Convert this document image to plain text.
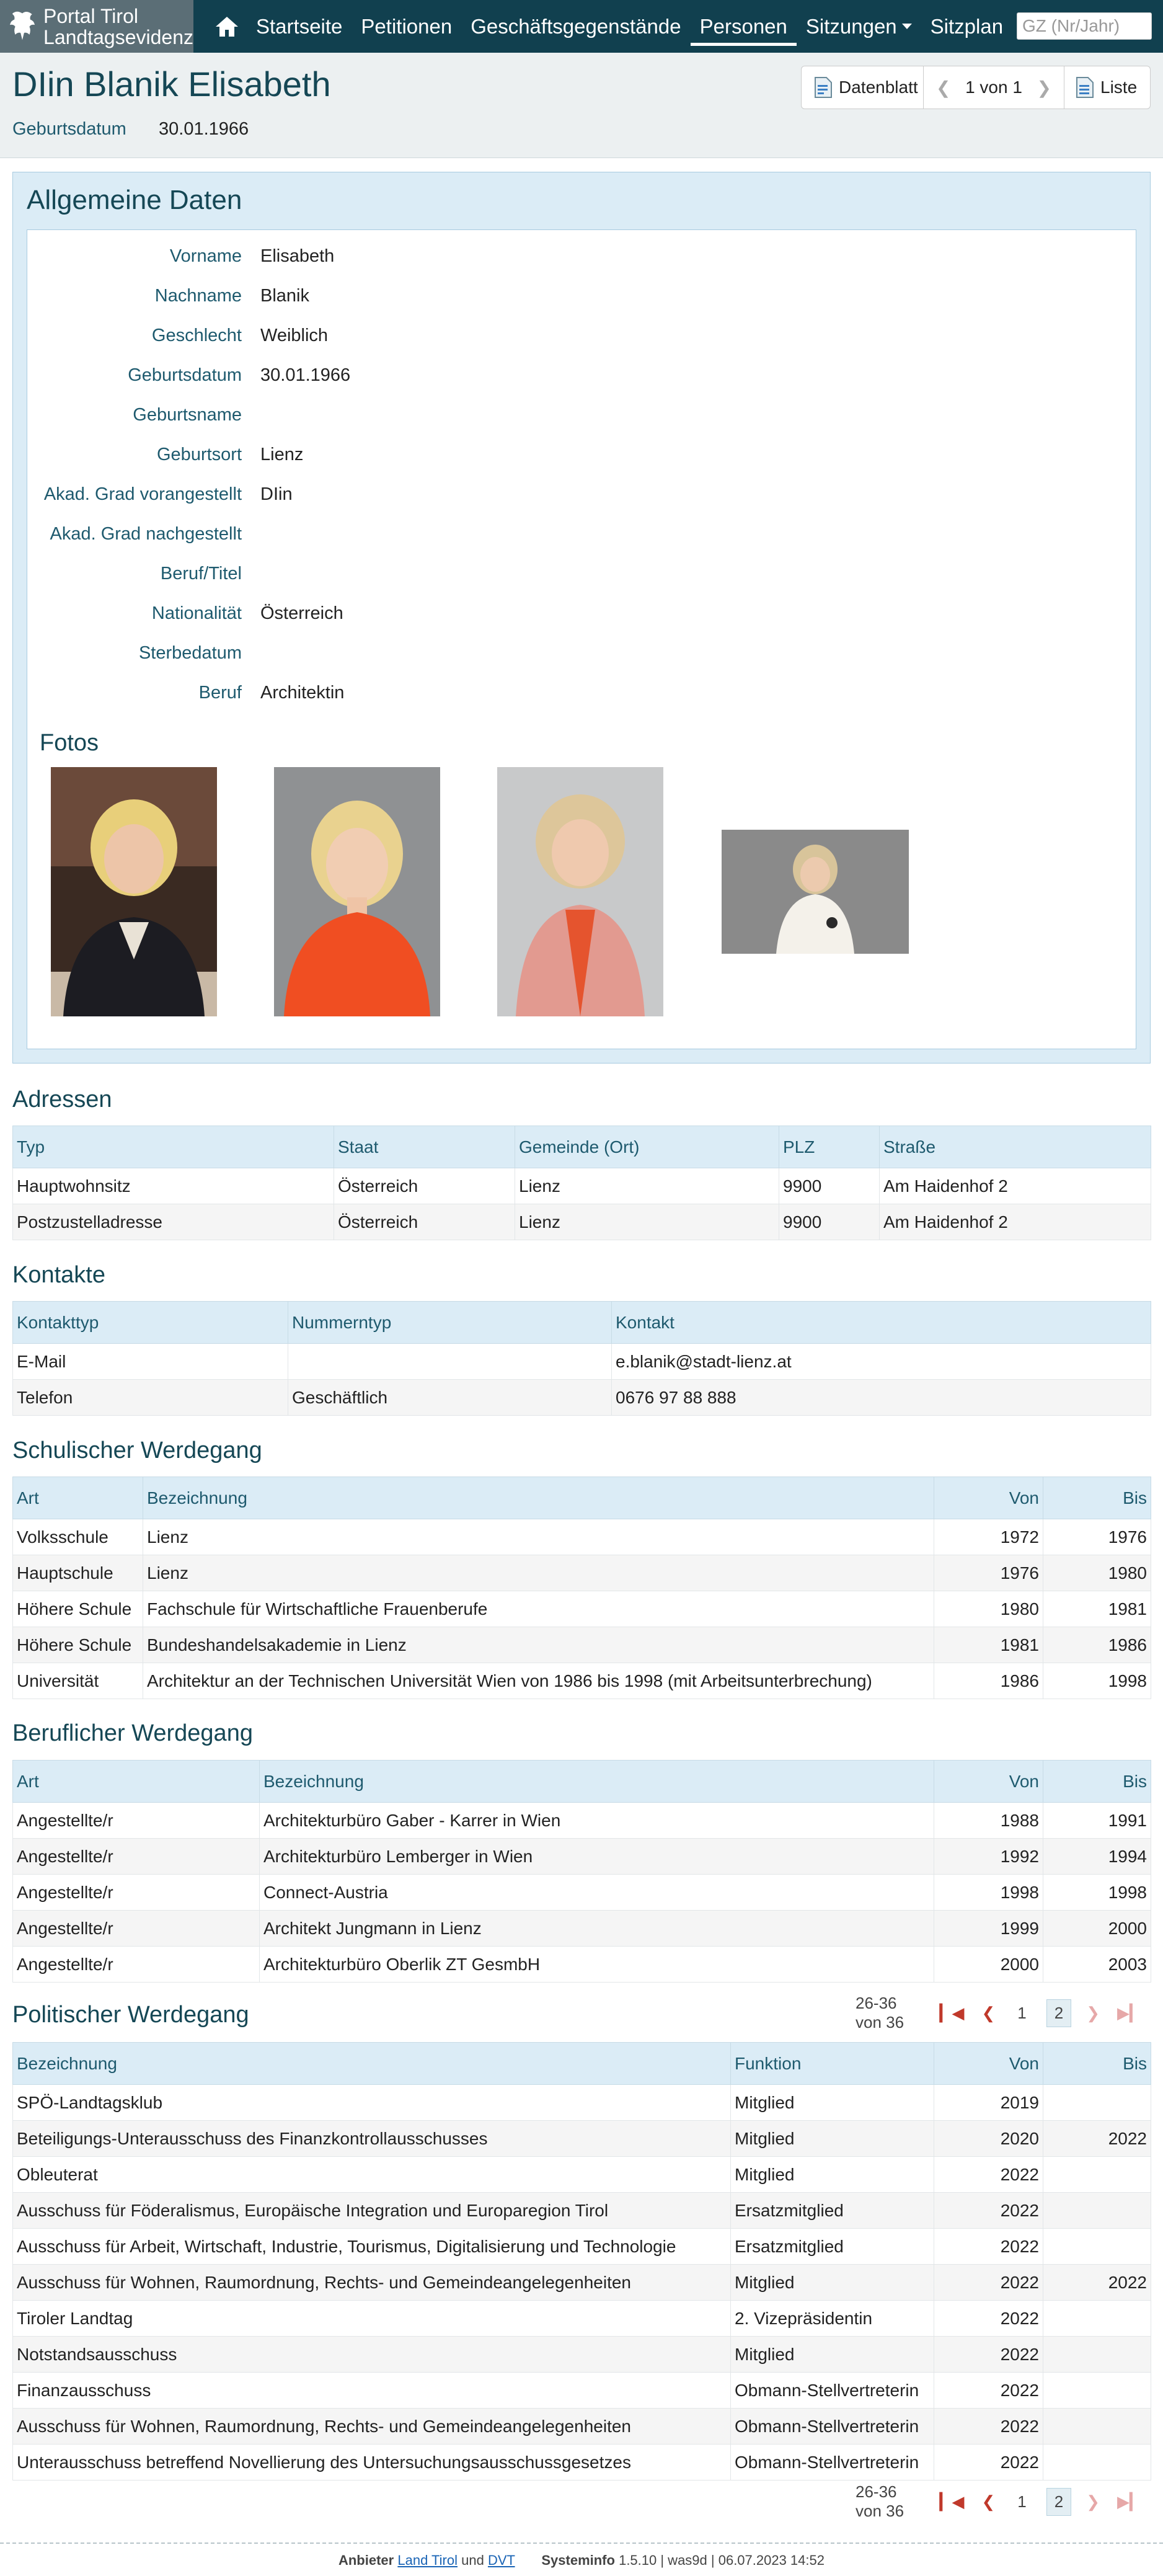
Portal Tirol
Landtagsevidenz	Startseite Petitionen Geschäftsgegenstände Personen Sitzungen	Sitzplan
GZ (Nr/Jahr)
DIin Blanik Elisabeth
Geburtsdatum 30.01.1966
Datenblatt ❮ 1 von 1 ❯	Liste
Allgemeine Daten
Vorname Elisabeth
Nachname Blanik
Geschlecht Weiblich
Geburtsdatum 30.01.1966
Geburtsname
Geburtsort Lienz
Akad. Grad vorangestellt DIin
Akad. Grad nachgestellt
Beruf/Titel
Nationalität Österreich
Sterbedatum
Beruf Architektin
Fotos
Adressen
Typ	Staat	Gemeinde (Ort)	PLZ	Straße
Hauptwohnsitz	Österreich	Lienz	9900	Am Haidenhof 2
Postzustelladresse	Österreich	Lienz	9900	Am Haidenhof 2
Kontakte
Kontakttyp	Nummerntyp	Kontakt
E-Mail		e.blanik@stadt-lienz.at
Telefon	Geschäftlich	0676 97 88 888
Schulischer Werdegang
Art	Bezeichnung	Von	Bis
Volksschule	Lienz	1972	1976
Hauptschule	Lienz	1976	1980
Höhere Schule	Fachschule für Wirtschaftliche Frauenberufe	1980	1981
Höhere Schule	Bundeshandelsakademie in Lienz	1981	1986
Universität	Architektur an der Technischen Universität Wien von 1986 bis 1998 (mit Arbeitsunterbrechung)	1986	1998
Beruflicher Werdegang
Art	Bezeichnung	Von	Bis
Angestellte/r	Architekturbüro Gaber - Karrer in Wien	1988	1991
Angestellte/r	Architekturbüro Lemberger in Wien	1992	1994
Angestellte/r	Connect-Austria	1998	1998
Angestellte/r	Architekt Jungmann in Lienz	1999	2000
Angestellte/r	Architekturbüro Oberlik ZT GesmbH	2000	2003
Politischer Werdegang	26-36 von 36
▎◀ ❮	1	2	❯ ▶▎
Bezeichnung	Funktion	Von	Bis
SPÖ-Landtagsklub	Mitglied	2019	
Beteiligungs-Unterausschuss des Finanzkontrollausschusses	Mitglied	2020	2022
Obleuterat	Mitglied	2022	
Ausschuss für Föderalismus, Europäische Integration und Europaregion Tirol	Ersatzmitglied	2022	
Ausschuss für Arbeit, Wirtschaft, Industrie, Tourismus, Digitalisierung und Technologie	Ersatzmitglied	2022	
Ausschuss für Wohnen, Raumordnung, Rechts- und Gemeindeangelegenheiten	Mitglied	2022	2022
Tiroler Landtag	2. Vizepräsidentin	2022	
Notstandsausschuss	Mitglied	2022	
Finanzausschuss	Obmann-Stellvertreterin	2022	
Ausschuss für Wohnen, Raumordnung, Rechts- und Gemeindeangelegenheiten	Obmann-Stellvertreterin	2022	
Unterausschuss betreffend Novellierung des Untersuchungsausschussgesetzes	Obmann-Stellvertreterin	2022	
26-36 von 36
▎◀ ❮	1	2	❯ ▶▎
Anbieter Land Tirol und DVT Systeminfo 1.5.10 | was9d | 06.07.2023 14:52
